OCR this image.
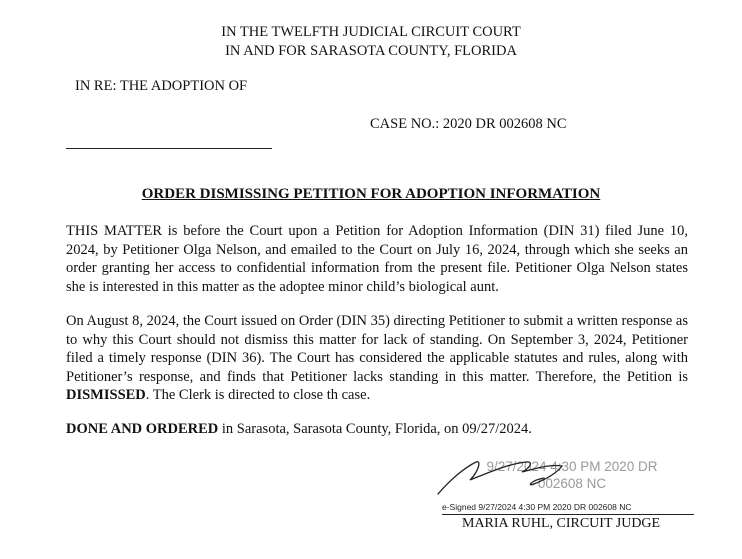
IN THE TWELFTH JUDICIAL CIRCUIT COURT
IN AND FOR SARASOTA COUNTY, FLORIDA
IN RE: THE ADOPTION OF
CASE NO.: 2020 DR 002608 NC
ORDER DISMISSING PETITION FOR ADOPTION INFORMATION

THIS MATTER is before the Court upon a Petition for Adoption Information (DIN 31) filed June 10, 2024, by Petitioner Olga Nelson, and emailed to the Court on July 16, 2024, through which she seeks an order granting her access to confidential information from the present file. Petitioner Olga Nelson states she is interested in this matter as the adoptee minor child’s biological aunt.

On August 8, 2024, the Court issued on Order (DIN 35) directing Petitioner to submit a written response as to why this Court should not dismiss this matter for lack of standing. On September 3, 2024, Petitioner filed a timely response (DIN 36). The Court has considered the applicable statutes and rules, along with Petitioner’s response, and finds that Petitioner lacks standing in this matter. Therefore, the Petition is DISMISSED. The Clerk is directed to close th case.

DONE AND ORDERED in Sarasota, Sarasota County, Florida, on 09/27/2024.

9/27/2024 4:30 PM 2020 DR
002608 NC
e-Signed 9/27/2024 4:30 PM 2020 DR 002608 NC
MARIA RUHL, CIRCUIT JUDGE
